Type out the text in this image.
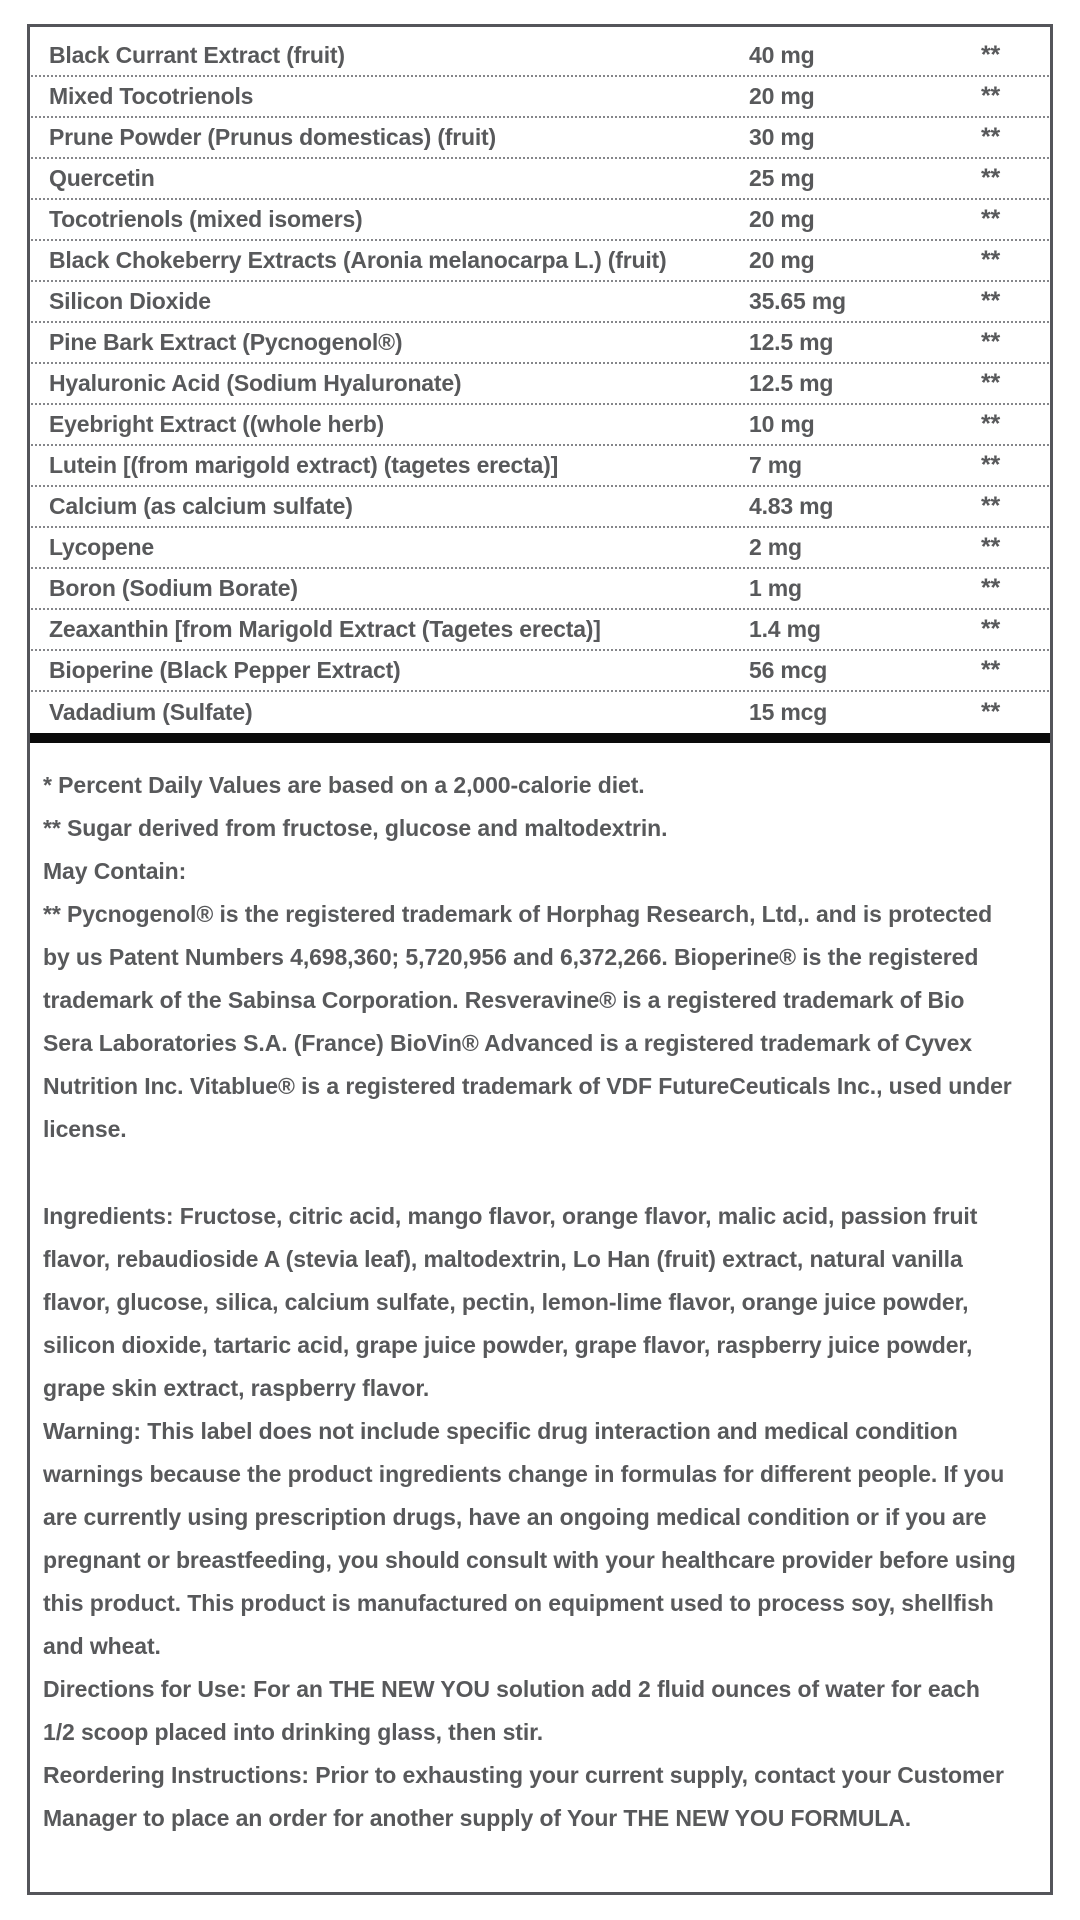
Black Currant Extract (fruit)	40 mg	**
Mixed Tocotrienols	20 mg	**
Prune Powder (Prunus domesticas) (fruit)	30 mg	**
Quercetin	25 mg	**
Tocotrienols (mixed isomers)	20 mg	**
Black Chokeberry Extracts (Aronia melanocarpa L.) (fruit)	20 mg	**
Silicon Dioxide	35.65 mg	**
Pine Bark Extract (Pycnogenol®)	12.5 mg	**
Hyaluronic Acid (Sodium Hyaluronate)	12.5 mg	**
Eyebright Extract ((whole herb)	10 mg	**
Lutein [(from marigold extract) (tagetes erecta)]	7 mg	**
Calcium (as calcium sulfate)	4.83 mg	**
Lycopene	2 mg	**
Boron (Sodium Borate)	1 mg	**
Zeaxanthin [from Marigold Extract (Tagetes erecta)]	1.4 mg	**
Bioperine (Black Pepper Extract)	56 mcg	**
Vadadium (Sulfate)	15 mcg	**

* Percent Daily Values are based on a 2,000-calorie diet.

** Sugar derived from fructose, glucose and maltodextrin.

May Contain:

** Pycnogenol® is the registered trademark of Horphag Research, Ltd,. and is protected by us Patent Numbers 4,698,360; 5,720,956 and 6,372,266. Bioperine® is the registered trademark of the Sabinsa Corporation. Resveravine® is a registered trademark of Bio Sera Laboratories S.A. (France) BioVin® Advanced is a registered trademark of Cyvex Nutrition Inc. Vitablue® is a registered trademark of VDF FutureCeuticals Inc., used under license.

Ingredients: Fructose, citric acid, mango flavor, orange flavor, malic acid, passion fruit flavor, rebaudioside A (stevia leaf), maltodextrin, Lo Han (fruit) extract, natural vanilla flavor, glucose, silica, calcium sulfate, pectin, lemon-lime flavor, orange juice powder, silicon dioxide, tartaric acid, grape juice powder, grape flavor, raspberry juice powder, grape skin extract, raspberry flavor.

Warning: This label does not include specific drug interaction and medical condition warnings because the product ingredients change in formulas for different people. If you are currently using prescription drugs, have an ongoing medical condition or if you are pregnant or breastfeeding, you should consult with your healthcare provider before using this product. This product is manufactured on equipment used to process soy, shellfish and wheat.

Directions for Use: For an THE NEW YOU solution add 2 fluid ounces of water for each 1/2 scoop placed into drinking glass, then stir.

Reordering Instructions: Prior to exhausting your current supply, contact your Customer Manager to place an order for another supply of Your THE NEW YOU FORMULA.
